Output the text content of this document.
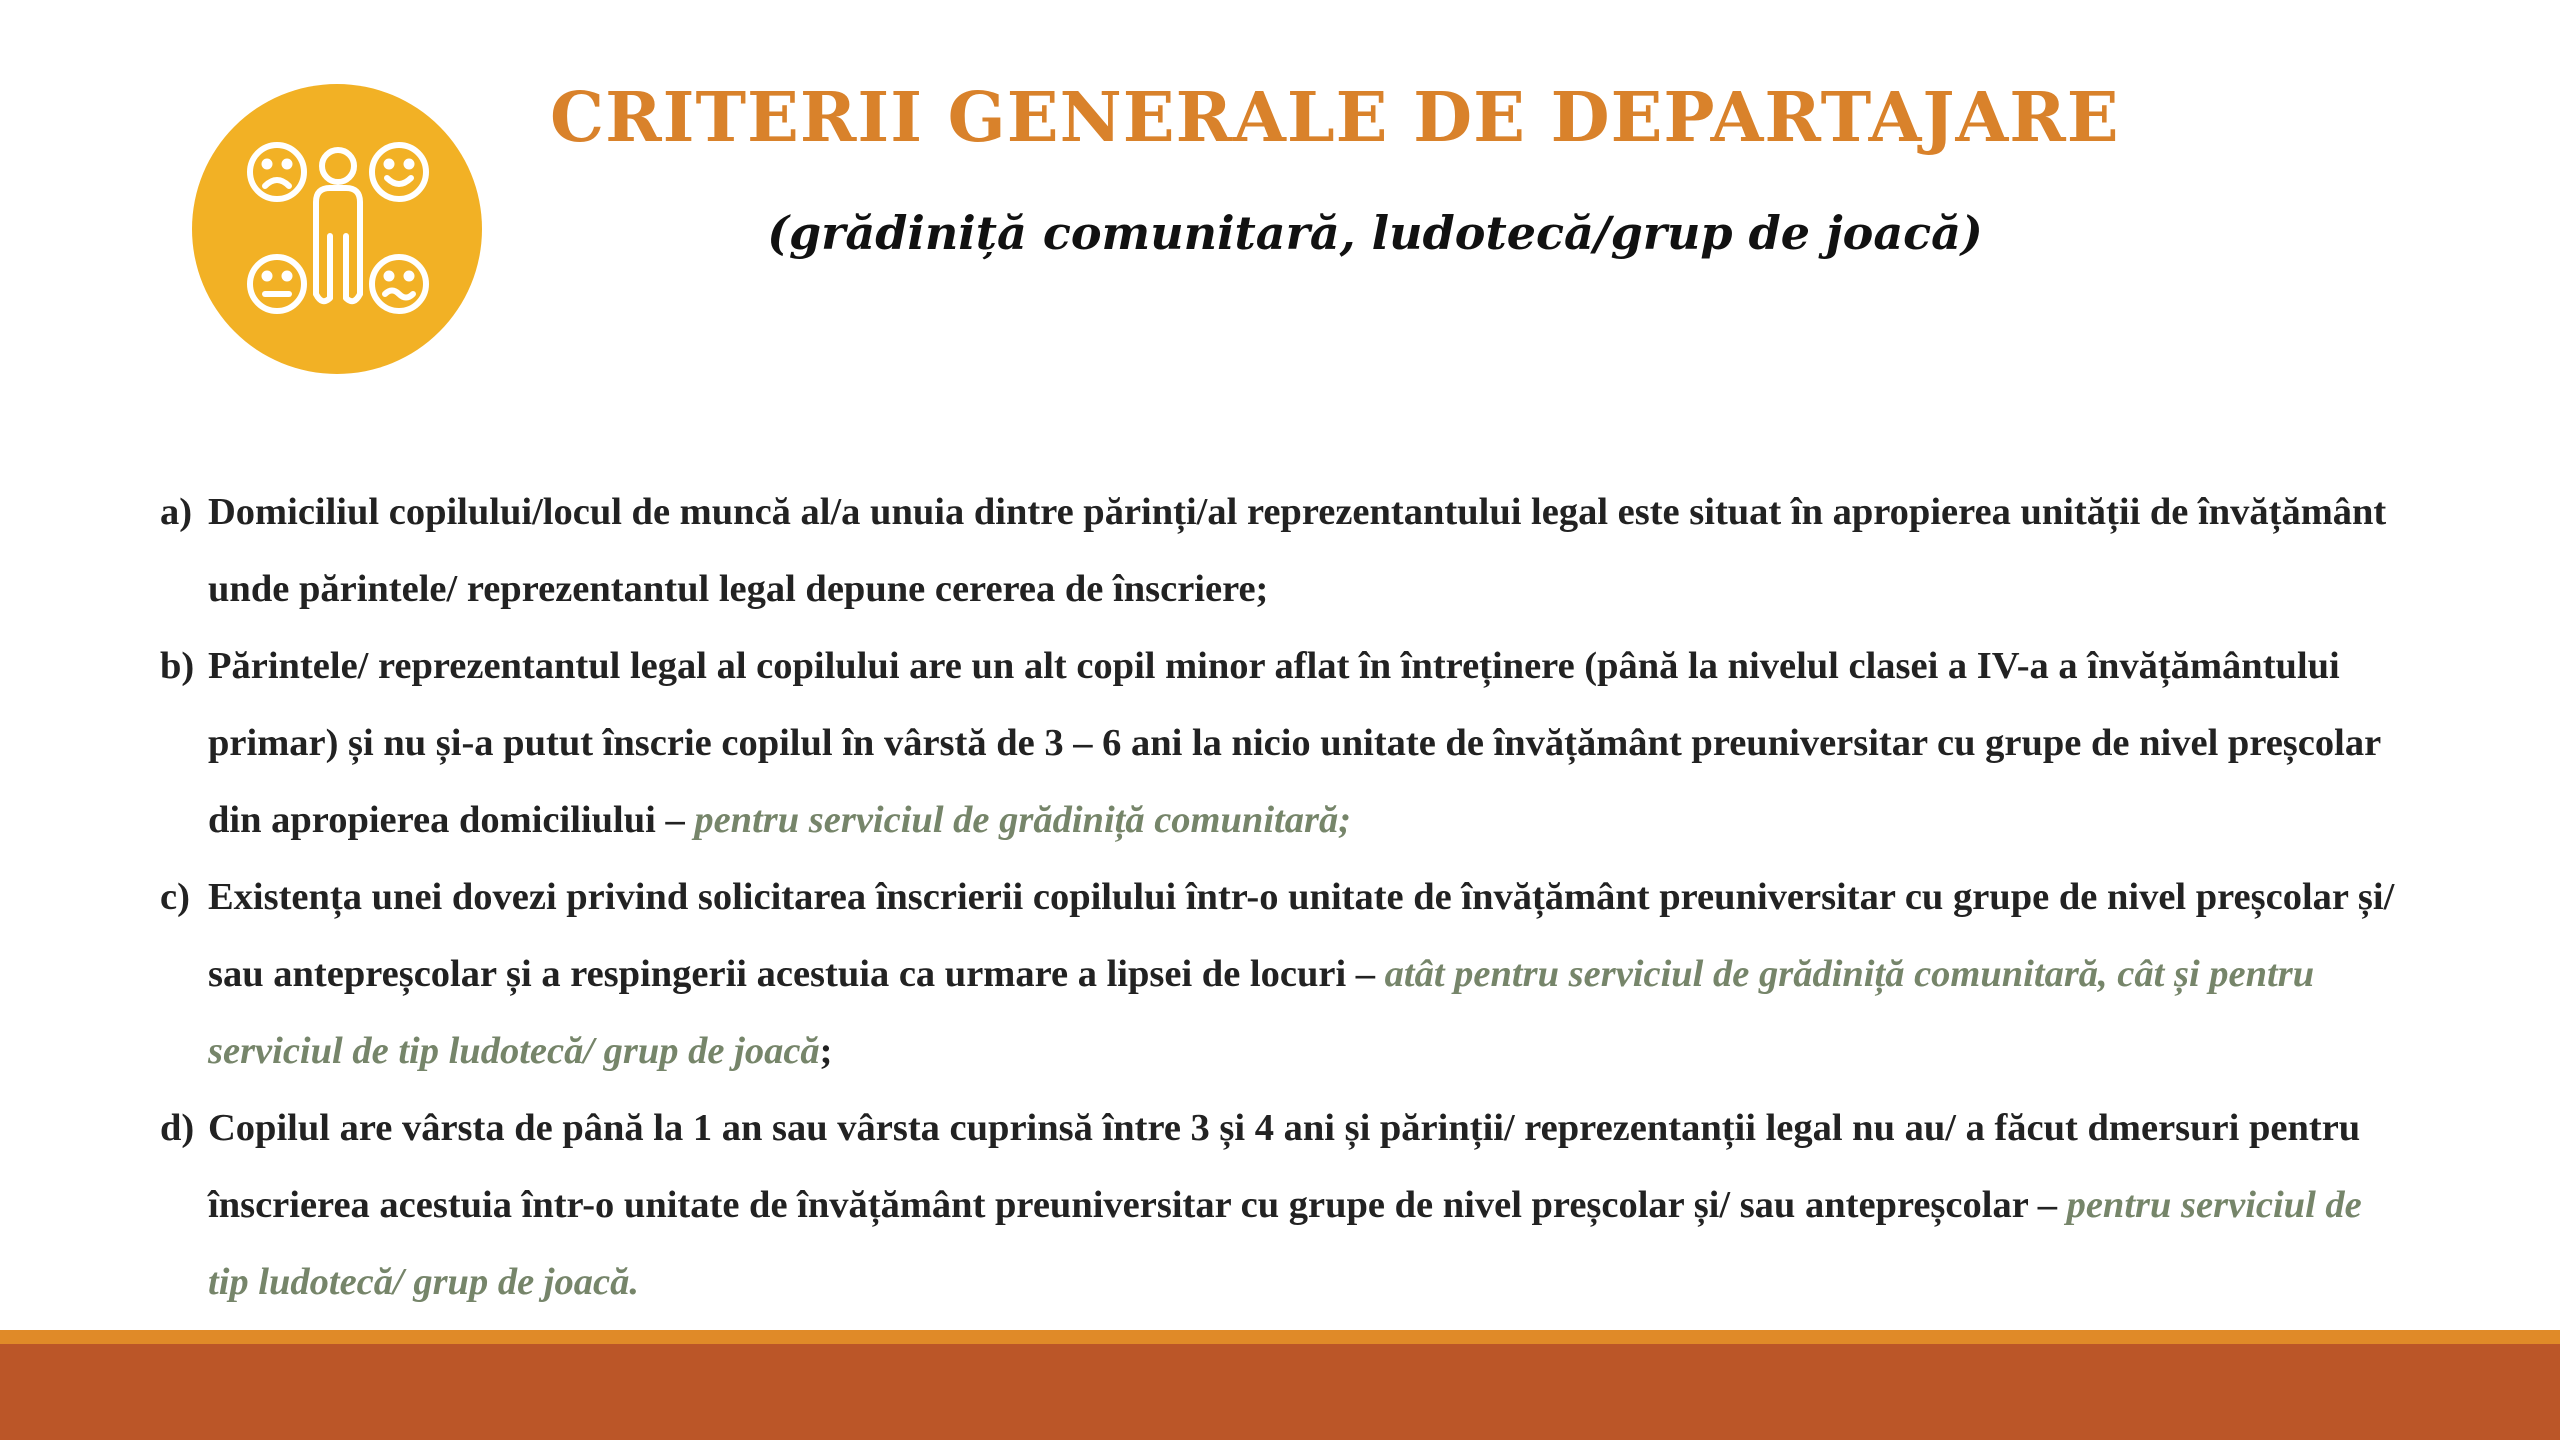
CRITERII GENERALE DE DEPARTAJARE
(grădiniță comunitară, ludotecă/grup de joacă)
a) Domiciliul copilului/locul de muncă al/a unuia dintre părinți/al reprezentantului legal este situat în apropierea unității de învățământ unde părintele/ reprezentantul legal depune cererea de înscriere;
b) Părintele/ reprezentantul legal al copilului are un alt copil minor aflat în întreținere (până la nivelul clasei a IV-a a învățământului primar) și nu și-a putut înscrie copilul în vârstă de 3 – 6 ani la nicio unitate de învățământ preuniversitar cu grupe de nivel preșcolar din apropierea domiciliului – pentru serviciul de grădiniță comunitară;
c) Existența unei dovezi privind solicitarea înscrierii copilului într-o unitate de învățământ preuniversitar cu grupe de nivel preșcolar și/ sau antepreșcolar și a respingerii acestuia ca urmare a lipsei de locuri – atât pentru serviciul de grădiniță comunitară, cât și pentru serviciul de tip ludotecă/ grup de joacă;
d) Copilul are vârsta de până la 1 an sau vârsta cuprinsă între 3 și 4 ani și părinții/ reprezentanții legal nu au/ a făcut dmersuri pentru înscrierea acestuia într-o unitate de învățământ preuniversitar cu grupe de nivel preșcolar și/ sau antepreșcolar – pentru serviciul de tip ludotecă/ grup de joacă.
